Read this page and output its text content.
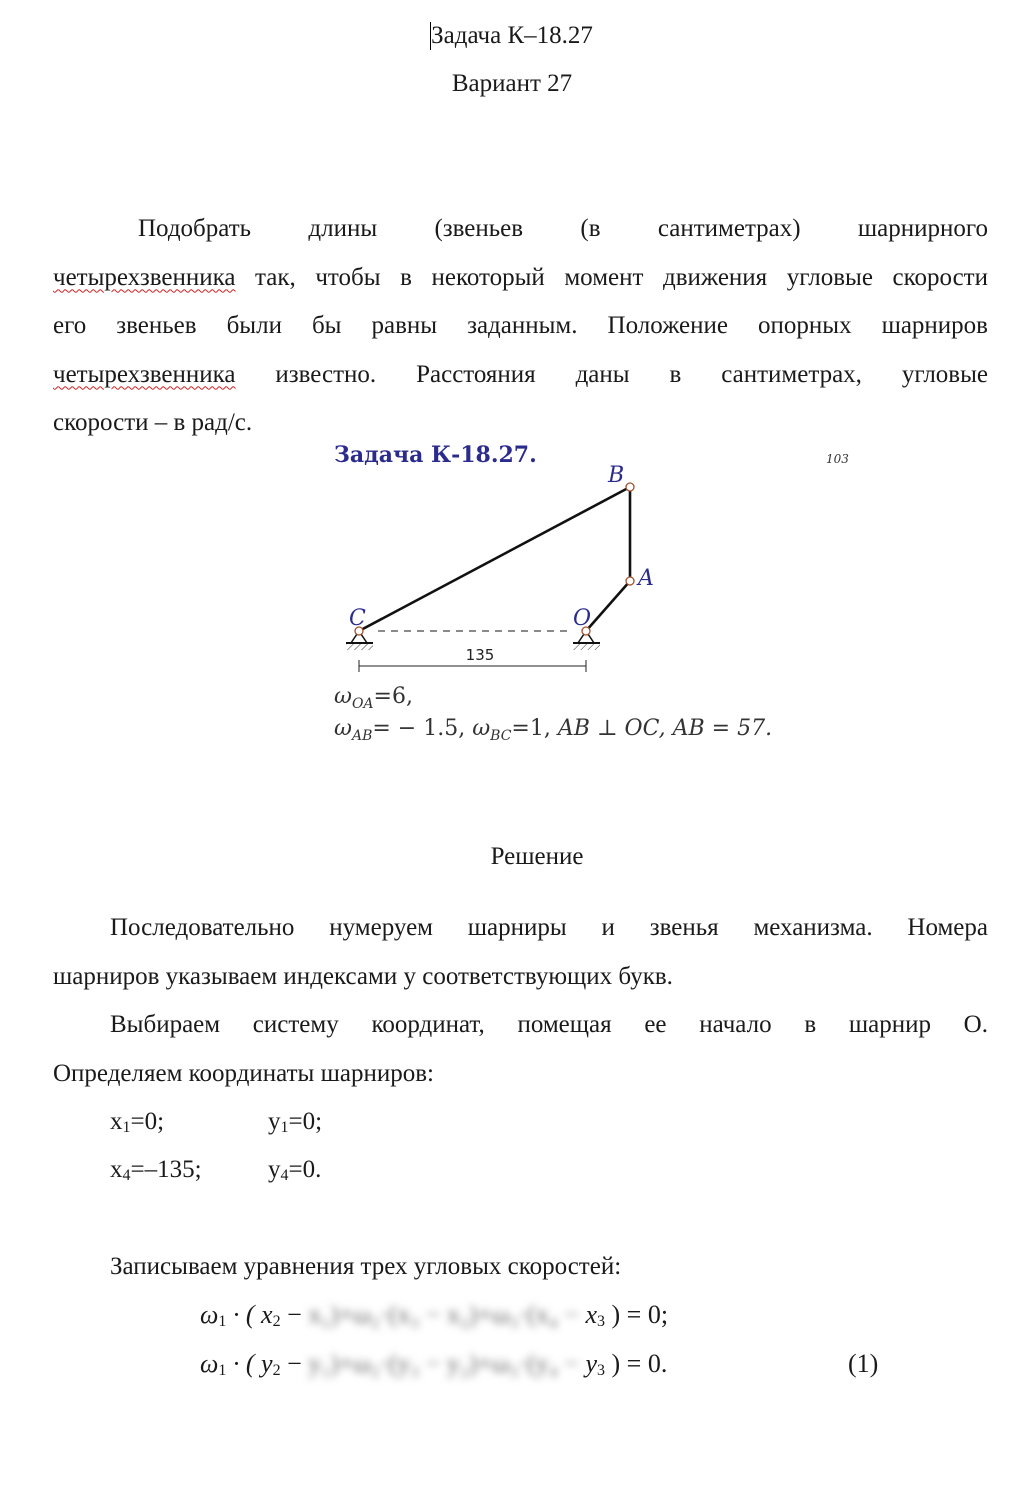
Задача К–18.27
Вариант 27
Подобрать длины (звеньев (в сантиметрах) шарнирного
четырехзвенника так, чтобы в некоторый момент движения угловые скорости
его звеньев были бы равны заданным. Положение опорных шарниров
четырехзвенника известно. Расстояния даны в сантиметрах, угловые
скорости – в рад/с.
Задача К-18.27.	103
B
A
C	O
135
$\omega_{OA}=6$,
$\omega_{AB}= - 1.5$, $\omega_{BC}=1$, AB ⊥ OC, AB = 57.
Решение
Последовательно нумеруем шарниры и звенья механизма. Номера
шарниров указываем индексами у соответствующих букв.
Выбираем систему координат, помещая ее начало в шарнир О.
Определяем координаты шарниров:
x1=0;	y1=0;
x4=–135;	y4=0.
Записываем уравнения трех угловых скоростей:
ω1 · ( x2 − x₁)+ω₂·(x₃ − x₂)+ω₃·(x₄ − x3 ) = 0;
ω1 · ( y2 − y₁)+ω₂·(y₃ − y₂)+ω₃·(y₄ − y3 ) = 0.	(1)
